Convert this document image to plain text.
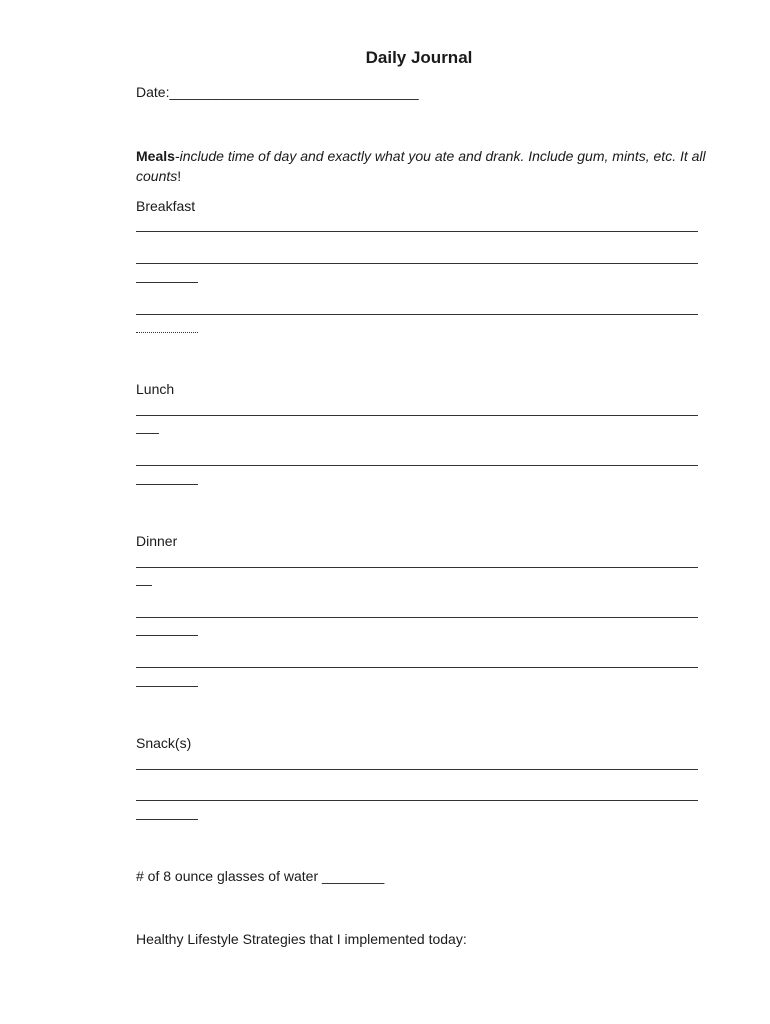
Daily Journal
Date:________________________________
Meals-include time of day and exactly what you ate and drank. Include gum, mints, etc. It all counts!
Breakfast
Lunch
Dinner
Snack(s)
# of 8 ounce glasses of water ________
Healthy Lifestyle Strategies that I implemented today:
